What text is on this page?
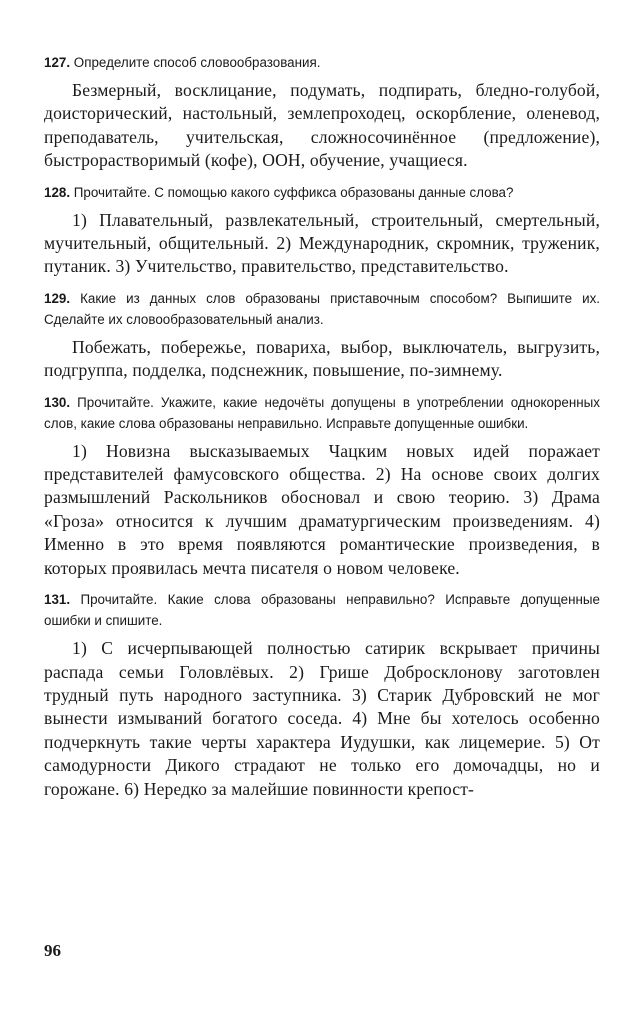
127. Определите способ словообразования.

Безмерный, восклицание, подумать, подпирать, бледно-голубой, доисторический, настольный, землепроходец, оскорбление, оленевод, преподаватель, учительская, сложносочинённое (предложение), быстрорастворимый (кофе), ООН, обучение, учащиеся.

128. Прочитайте. С помощью какого суффикса образованы данные слова?

1) Плавательный, развлекательный, строительный, смертельный, мучительный, общительный. 2) Международник, скромник, труженик, путаник. 3) Учительство, правительство, представительство.

129. Какие из данных слов образованы приставочным способом? Выпишите их. Сделайте их словообразовательный анализ.

Побежать, побережье, повариха, выбор, выключатель, выгрузить, подгруппа, подделка, подснежник, повышение, по-зимнему.

130. Прочитайте. Укажите, какие недочёты допущены в употреблении однокоренных слов, какие слова образованы неправильно. Исправьте допущенные ошибки.

1) Новизна высказываемых Чацким новых идей поражает представителей фамусовского общества. 2) На основе своих долгих размышлений Раскольников обосновал и свою теорию. 3) Драма «Гроза» относится к лучшим драматургическим произведениям. 4) Именно в это время появляются романтические произведения, в которых проявилась мечта писателя о новом человеке.

131. Прочитайте. Какие слова образованы неправильно? Исправьте допущенные ошибки и спишите.

1) С исчерпывающей полностью сатирик вскрывает причины распада семьи Головлёвых. 2) Грише Добросклонову заготовлен трудный путь народного заступника. 3) Старик Дубровский не мог вынести измываний богатого соседа. 4) Мне бы хотелось особенно подчеркнуть такие черты характера Иудушки, как лицемерие. 5) От самодурности Дикого страдают не только его домочадцы, но и горожане. 6) Нередко за малейшие повинности крепост-

96
